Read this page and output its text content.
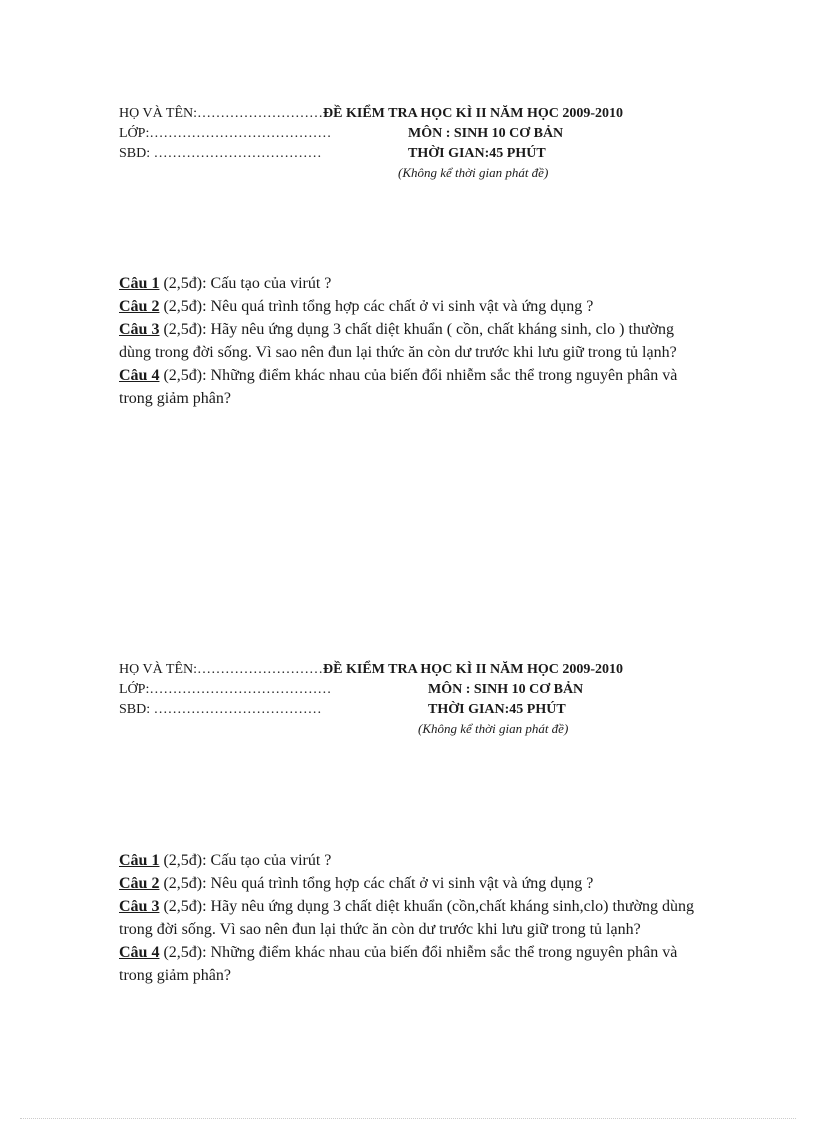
HỌ VÀ TÊN:………………………ĐỀ KIỂM TRA HỌC KÌ II NĂM HỌC 2009-2010
LỚP:…………………………………	MÔN : SINH 10 CƠ BẢN
SBD: ………………………………	THỜI GIAN:45 PHÚT
(Không kể thời gian phát đề)

Câu 1 (2,5đ): Cấu tạo của virút ?

Câu 2 (2,5đ): Nêu quá trình tổng hợp các chất ở vi sinh vật và ứng dụng ?

Câu 3 (2,5đ): Hãy nêu ứng dụng 3 chất diệt khuẩn ( cồn, chất kháng sinh, clo ) thường dùng trong đời sống. Vì sao nên đun lại thức ăn còn dư trước khi lưu giữ trong tủ lạnh?

Câu 4 (2,5đ): Những điểm khác nhau của biến đổi nhiễm sắc thể trong nguyên phân và trong giảm phân?

HỌ VÀ TÊN:………………………ĐỀ KIỂM TRA HỌC KÌ II NĂM HỌC 2009-2010
LỚP:…………………………………	MÔN : SINH 10 CƠ BẢN
SBD: ………………………………	THỜI GIAN:45 PHÚT
(Không kể thời gian phát đề)

Câu 1 (2,5đ): Cấu tạo của virút ?

Câu 2 (2,5đ): Nêu quá trình tổng hợp các chất ở vi sinh vật và ứng dụng ?

Câu 3 (2,5đ): Hãy nêu ứng dụng 3 chất diệt khuẩn (cồn,chất kháng sinh,clo) thường dùng trong đời sống. Vì sao nên đun lại thức ăn còn dư trước khi lưu giữ trong tủ lạnh?

Câu 4 (2,5đ): Những điểm khác nhau của biến đổi nhiễm sắc thể trong nguyên phân và trong giảm phân?
